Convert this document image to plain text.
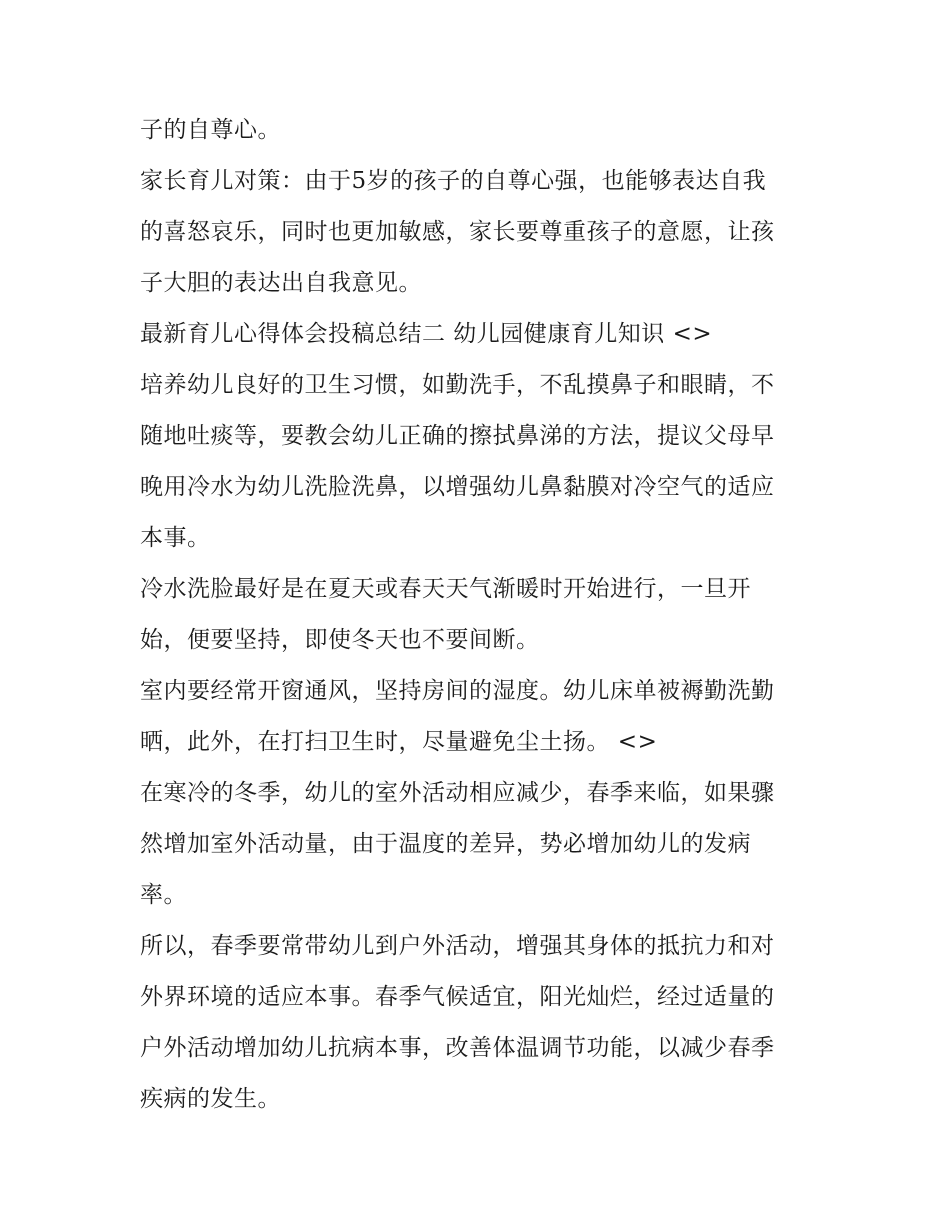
子的自尊心。
家长育儿对策：由于5岁的孩子的自尊心强，也能够表达自我
的喜怒哀乐，同时也更加敏感，家长要尊重孩子的意愿，让孩
子大胆的表达出自我意见。
最新育儿心得体会投稿总结二 幼儿园健康育儿知识 <>
培养幼儿良好的卫生习惯，如勤洗手，不乱摸鼻子和眼睛，不
随地吐痰等，要教会幼儿正确的擦拭鼻涕的方法，提议父母早
晚用冷水为幼儿洗脸洗鼻，以增强幼儿鼻黏膜对冷空气的适应
本事。
冷水洗脸最好是在夏天或春天天气渐暖时开始进行，一旦开
始，便要坚持，即使冬天也不要间断。
室内要经常开窗通风，坚持房间的湿度。幼儿床单被褥勤洗勤
晒，此外，在打扫卫生时，尽量避免尘土扬。 <>
在寒冷的冬季，幼儿的室外活动相应减少，春季来临，如果骤
然增加室外活动量，由于温度的差异，势必增加幼儿的发病
率。
所以，春季要常带幼儿到户外活动，增强其身体的抵抗力和对
外界环境的适应本事。春季气候适宜，阳光灿烂，经过适量的
户外活动增加幼儿抗病本事，改善体温调节功能，以减少春季
疾病的发生。
